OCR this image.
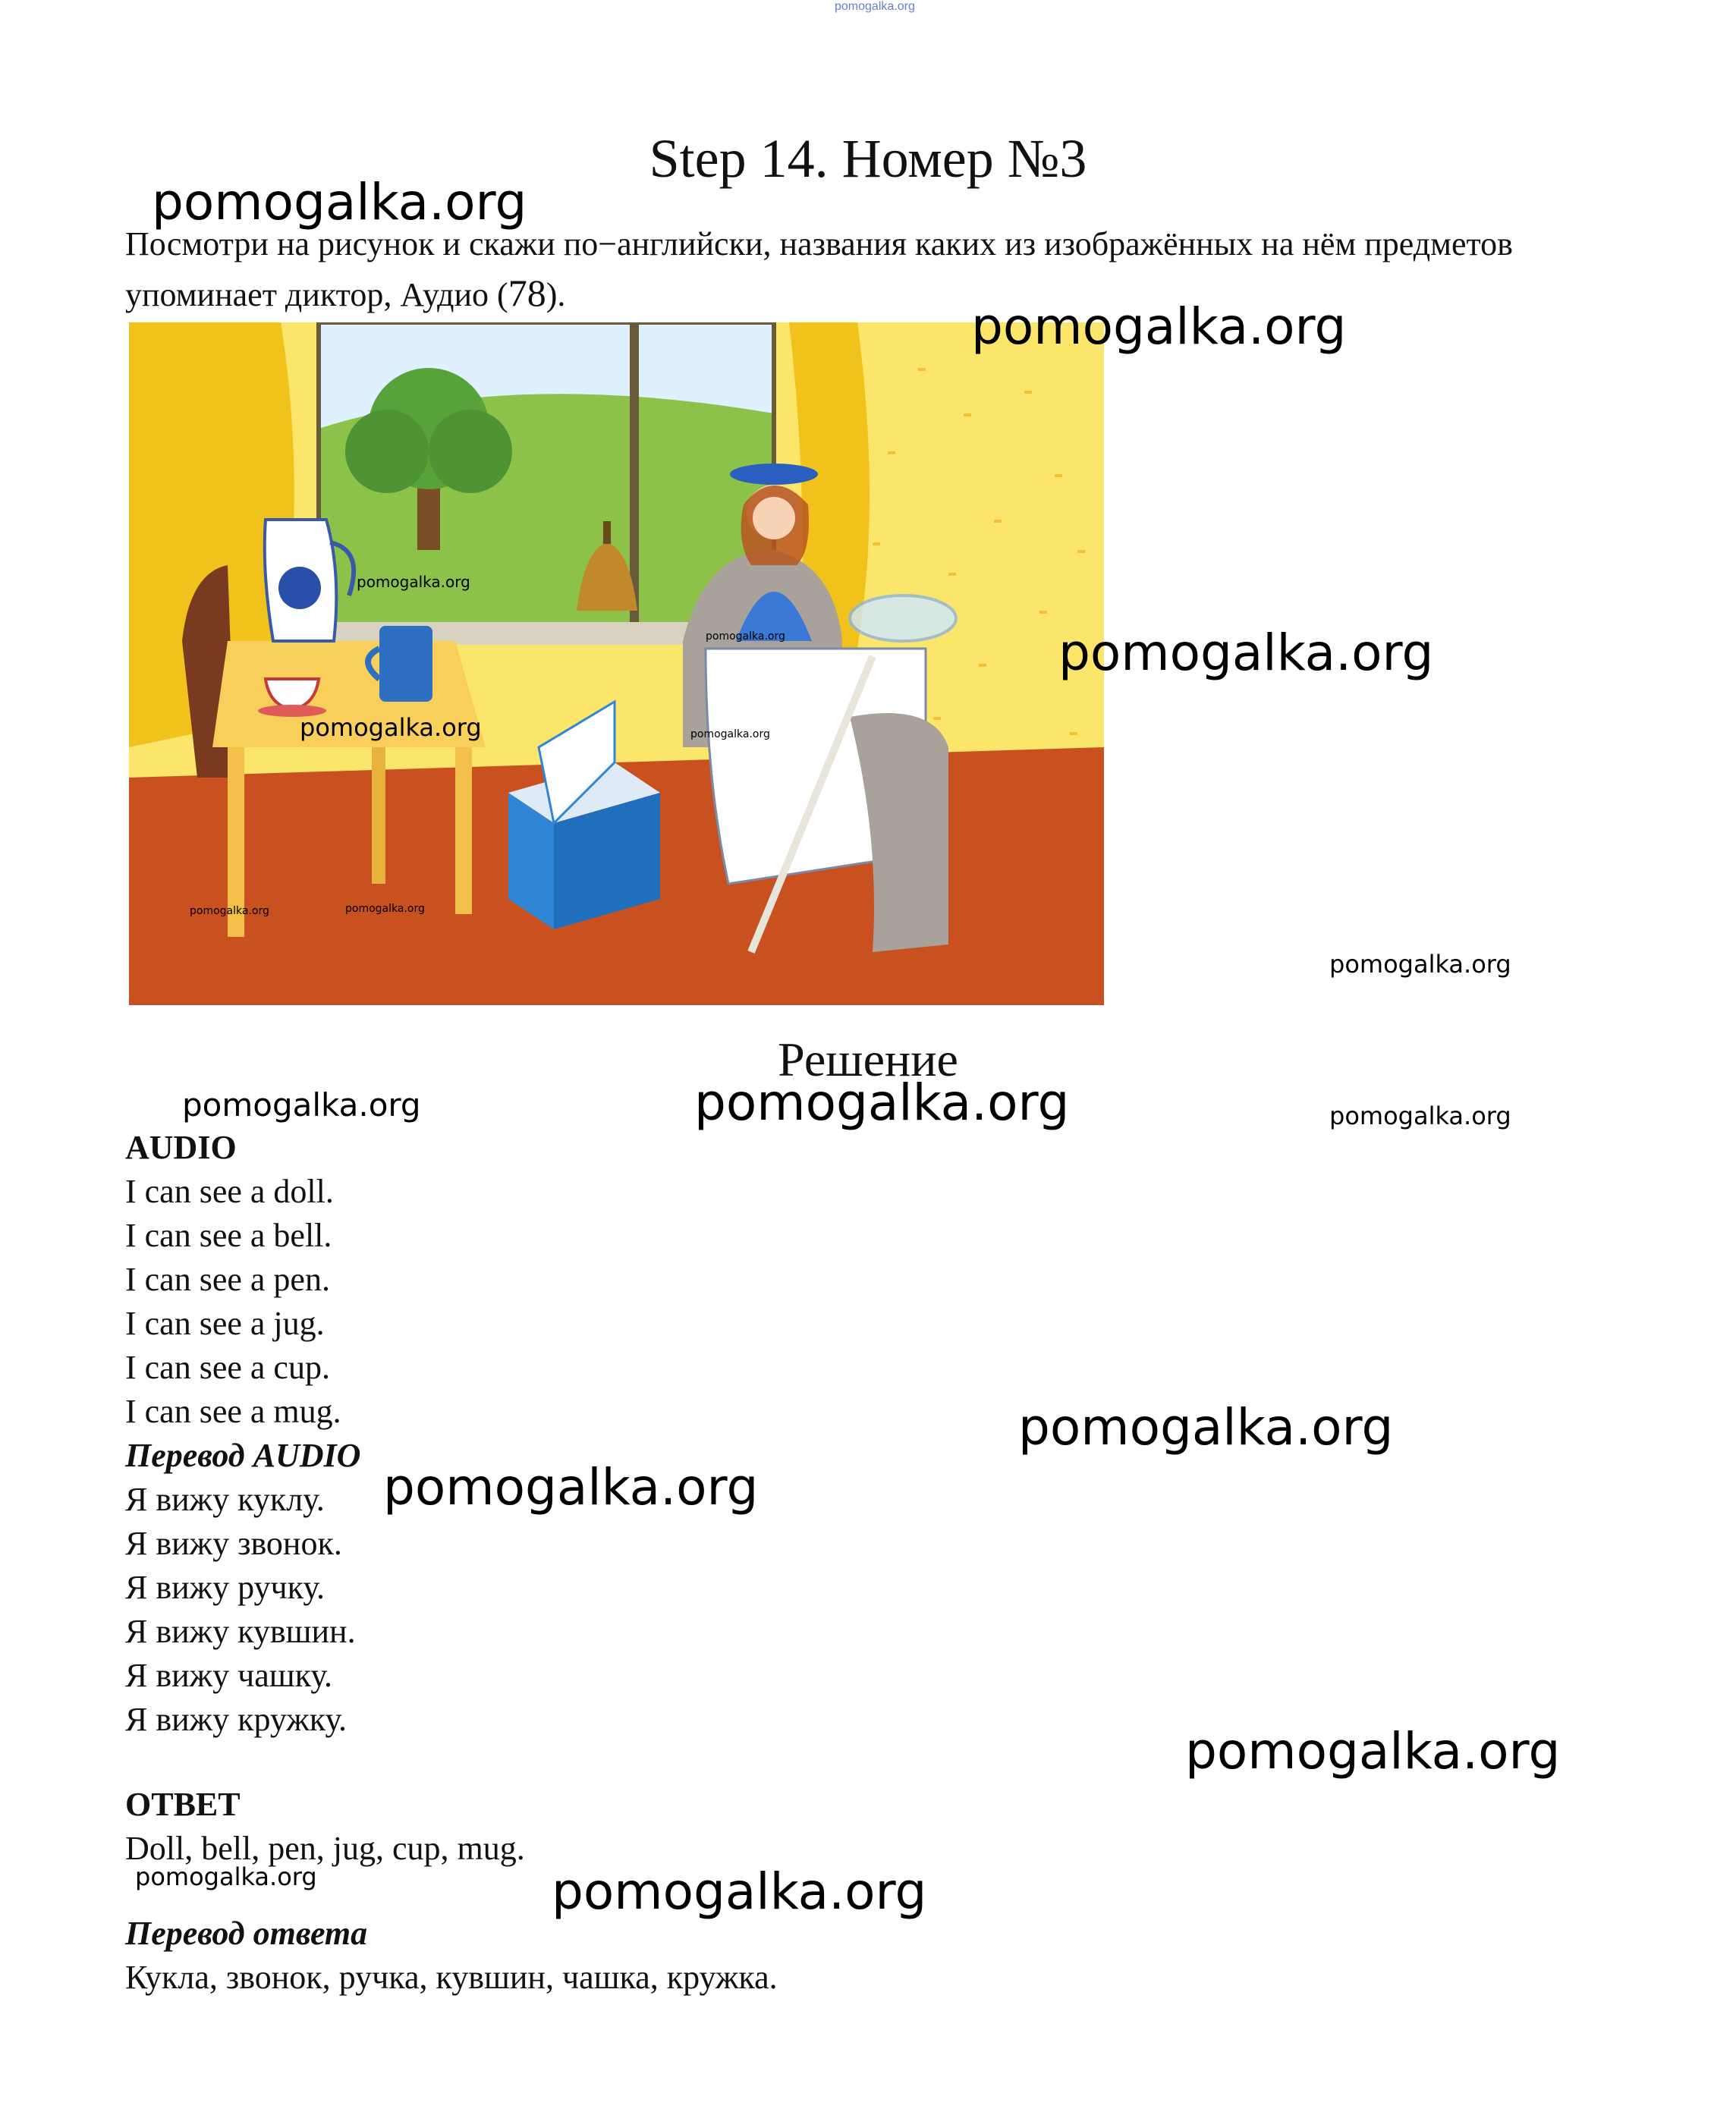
pomogalka.org
Step 14. Номер №3
Посмотри на рисунок и скажи по−английски, названия каких из изображённых на нём предметов упоминает диктор, Аудио (78).
pomogalka.org
pomogalka.org
pomogalka.org	pomogalka.org
pomogalka.org	pomogalka.org
Решение
AUDIO
I can see a doll.
I can see a bell.
I can see a pen.
I can see a jug.
I can see a cup.
I can see a mug.
Перевод AUDIO
Я вижу куклу.
Я вижу звонок.
Я вижу ручку.
Я вижу кувшин.
Я вижу чашку.
Я вижу кружку.
ОТВЕТ
Doll, bell, pen, jug, cup, mug.
Перевод ответа
Кукла, звонок, ручка, кувшин, чашка, кружка.
pomogalka.org
pomogalka.org
pomogalka.org
pomogalka.org
pomogalka.org	pomogalka.org	pomogalka.org
pomogalka.org
pomogalka.org
pomogalka.org
pomogalka.org	pomogalka.org
